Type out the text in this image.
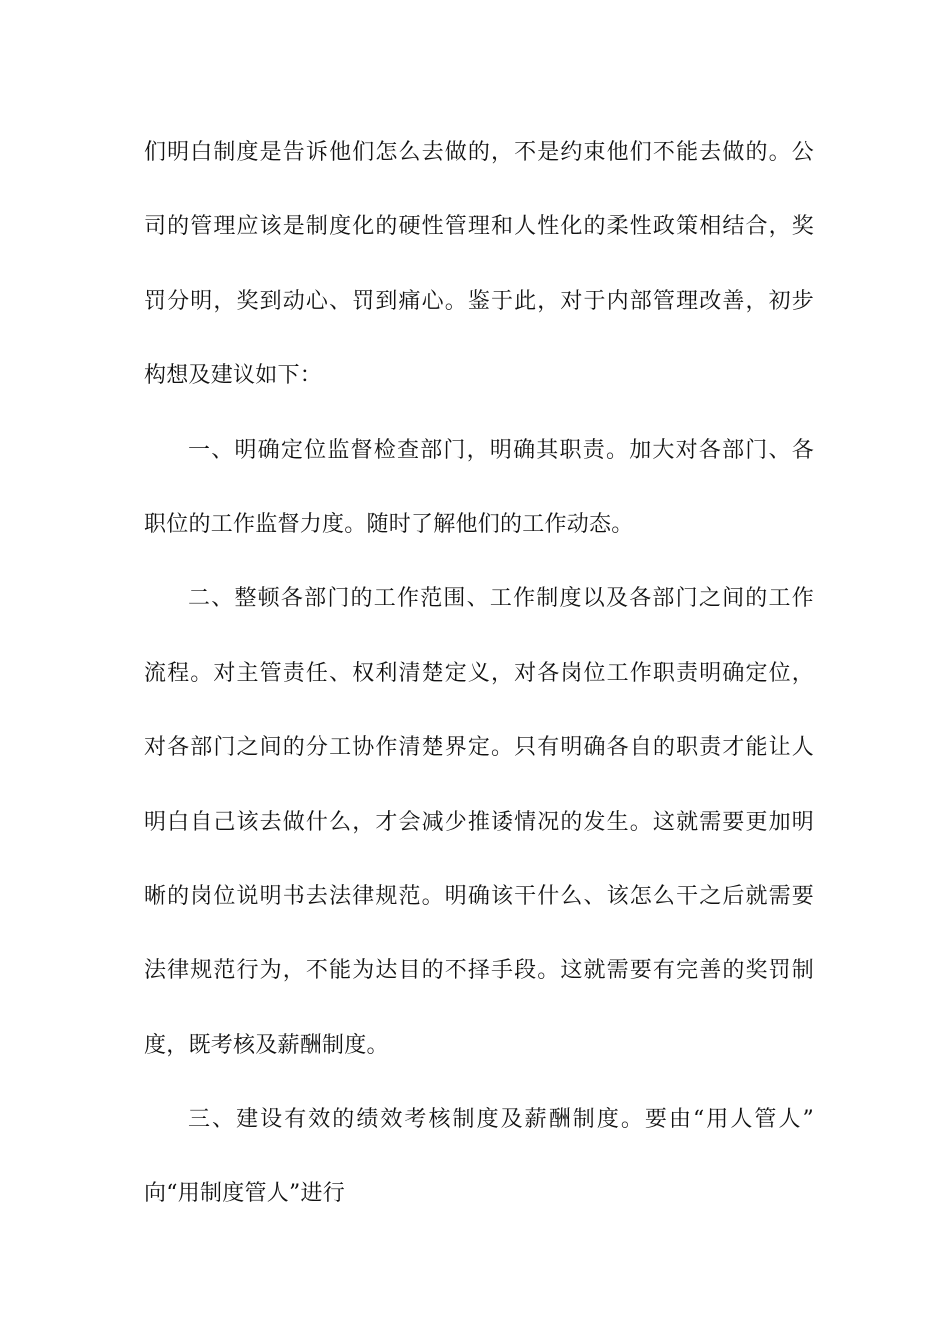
们明白制度是告诉他们怎么去做的，不是约束他们不能去做的。公
司的管理应该是制度化的硬性管理和人性化的柔性政策相结合，奖
罚分明，奖到动心、罚到痛心。鉴于此，对于内部管理改善，初步
构想及建议如下：
一、明确定位监督检查部门，明确其职责。加大对各部门、各
职位的工作监督力度。随时了解他们的工作动态。
二、整顿各部门的工作范围、工作制度以及各部门之间的工作
流程。对主管责任、权利清楚定义，对各岗位工作职责明确定位，
对各部门之间的分工协作清楚界定。只有明确各自的职责才能让人
明白自己该去做什么，才会减少推诿情况的发生。这就需要更加明
晰的岗位说明书去法律规范。明确该干什么、该怎么干之后就需要
法律规范行为，不能为达目的不择手段。这就需要有完善的奖罚制
度，既考核及薪酬制度。
三、建设有效的绩效考核制度及薪酬制度。要由“用人管人”
向“用制度管人”进行
